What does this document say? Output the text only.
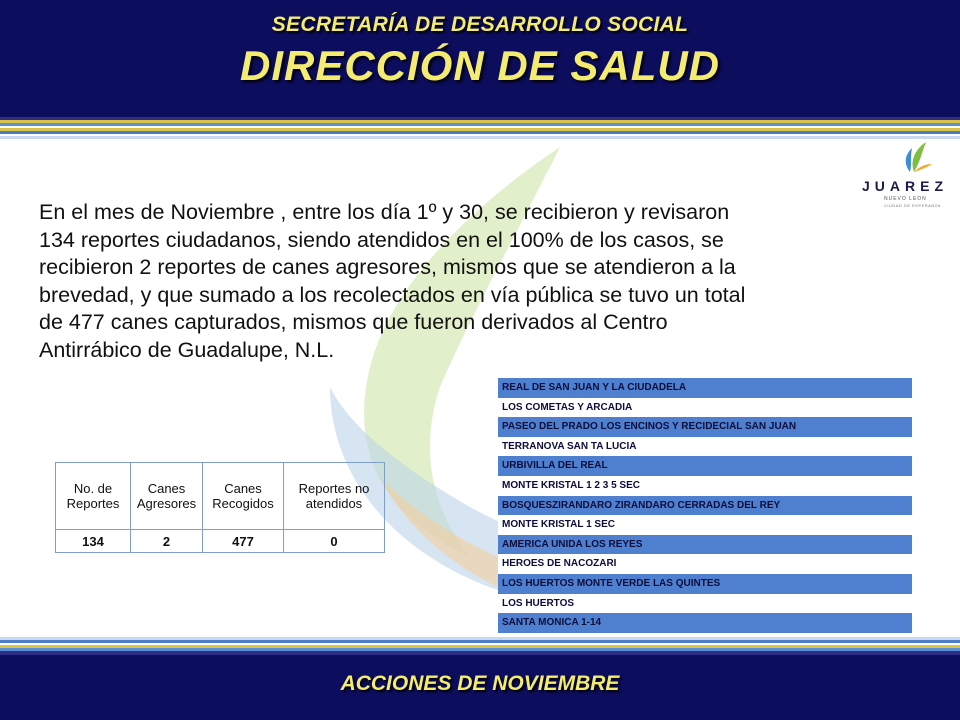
SECRETARÍA DE DESARROLLO SOCIAL
DIRECCIÓN DE SALUD
JUAREZ
NUEVO LEON
CIUDAD DE ESPERANZA
En el mes de Noviembre , entre los día 1º y 30, se recibieron y revisaron
134 reportes ciudadanos, siendo atendidos en el 100% de los casos, se
recibieron 2 reportes de canes agresores, mismos que se atendieron a la
brevedad, y que sumado a los recolectados en vía pública se tuvo un total
de 477 canes capturados, mismos que fueron derivados al Centro
Antirrábico de Guadalupe, N.L.
No. de Reportes	Canes Agresores	Canes Recogidos	Reportes no atendidos
134	2	477	0
REAL DE SAN JUAN Y LA CIUDADELA
LOS COMETAS Y ARCADIA
PASEO DEL PRADO LOS ENCINOS Y RECIDECIAL SAN JUAN
TERRANOVA SAN TA LUCIA
URBIVILLA DEL REAL
MONTE KRISTAL 1 2 3 5 SEC
BOSQUESZIRANDARO ZIRANDARO CERRADAS DEL REY
MONTE KRISTAL 1 SEC
AMERICA UNIDA LOS REYES
HEROES DE NACOZARI
LOS HUERTOS MONTE VERDE LAS QUINTES
LOS HUERTOS
SANTA MONICA 1-14
ACCIONES DE NOVIEMBRE
